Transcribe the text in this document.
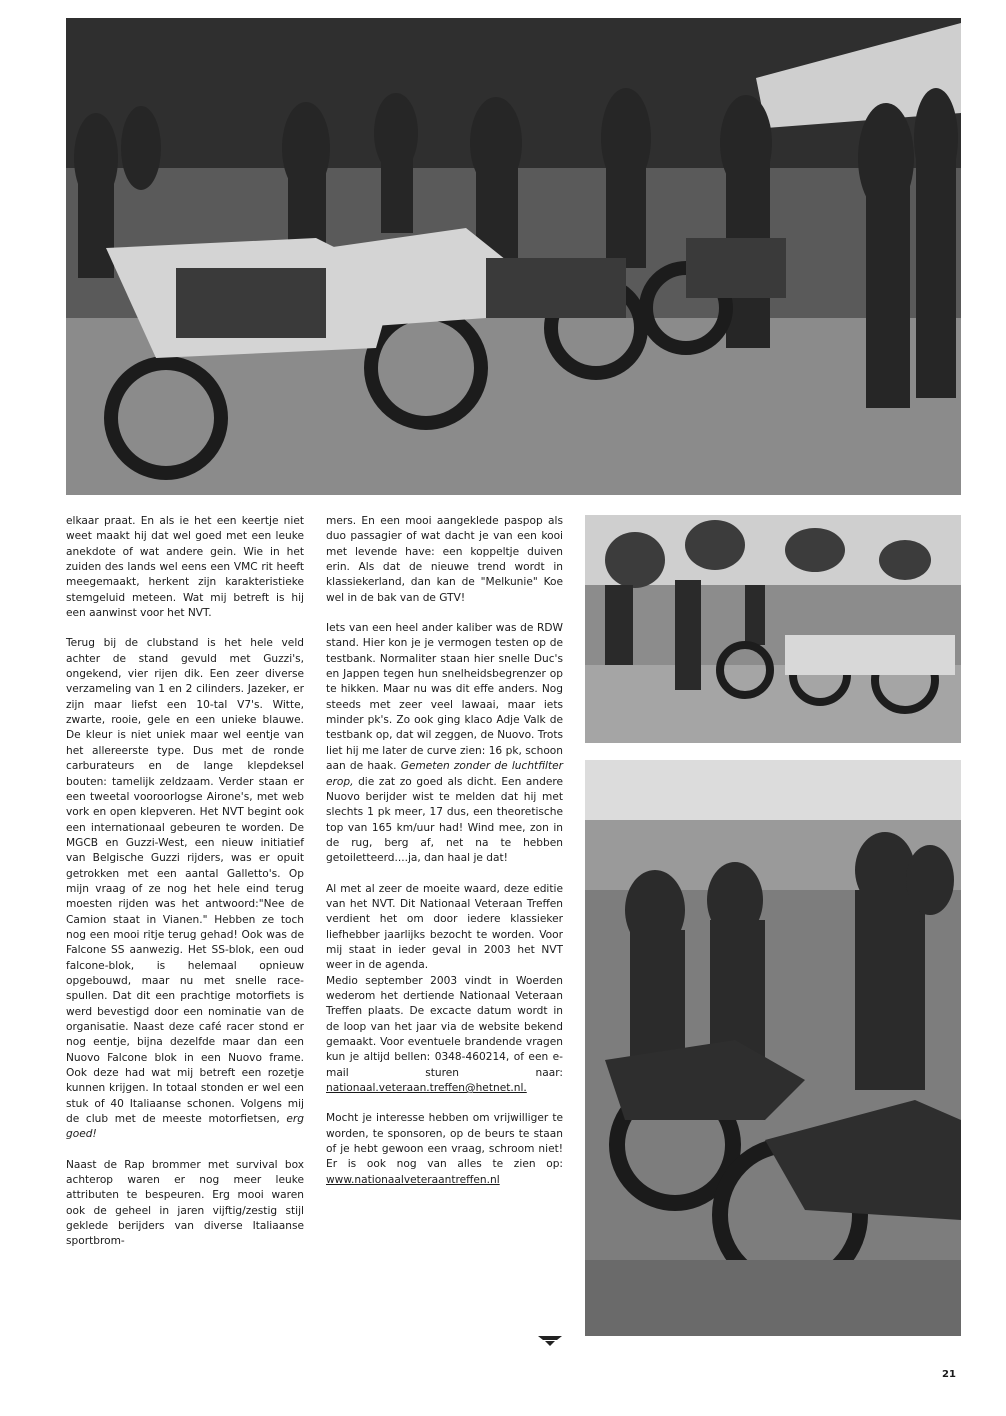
elkaar praat. En als ie het een keertje niet weet maakt hij dat wel goed met een leuke anekdote of wat andere gein. Wie in het zuiden des lands wel eens een VMC rit heeft meegemaakt, herkent zijn karakteristieke stemgeluid meteen. Wat mij betreft is hij een aanwinst voor het NVT.

Terug bij de clubstand is het hele veld achter de stand gevuld met Guzzi's, ongekend, vier rijen dik. Een zeer diverse verzameling van 1 en 2 cilinders. Jazeker, er zijn maar liefst een 10-tal V7's. Witte, zwarte, rooie, gele en een unieke blauwe. De kleur is niet uniek maar wel eentje van het allereerste type. Dus met de ronde carburateurs en de lange klepdeksel bouten: tamelijk zeldzaam. Verder staan er een tweetal vooroorlogse Airone's, met web vork en open klepveren. Het NVT begint ook een internationaal gebeuren te worden. De MGCB en Guzzi-West, een nieuw initiatief van Belgische Guzzi rijders, was er opuit getrokken met een aantal Galletto's. Op mijn vraag of ze nog het hele eind terug moesten rijden was het antwoord:"Nee de Camion staat in Vianen." Hebben ze toch nog een mooi ritje terug gehad! Ook was de Falcone SS aanwezig. Het SS-blok, een oud falcone-blok, is helemaal opnieuw opgebouwd, maar nu met snelle race-spullen. Dat dit een prachtige motorfiets is werd bevestigd door een nominatie van de organisatie. Naast deze café racer stond er nog eentje, bijna dezelfde maar dan een Nuovo Falcone blok in een Nuovo frame. Ook deze had wat mij betreft een rozetje kunnen krijgen. In totaal stonden er wel een stuk of 40 Italiaanse schonen. Volgens mij de club met de meeste motorfietsen, erg goed!

Naast de Rap brommer met survival box achterop waren er nog meer leuke attributen te bespeuren. Erg mooi waren ook de geheel in jaren vijftig/zestig stijl geklede berijders van diverse Italiaanse sportbrom-

mers. En een mooi aangeklede paspop als duo passagier of wat dacht je van een kooi met levende have: een koppeltje duiven erin. Als dat de nieuwe trend wordt in klassiekerland, dan kan de "Melkunie" Koe wel in de bak van de GTV!

Iets van een heel ander kaliber was de RDW stand. Hier kon je je vermogen testen op de testbank. Normaliter staan hier snelle Duc's en Jappen tegen hun snelheidsbegrenzer op te hikken. Maar nu was dit effe anders. Nog steeds met zeer veel lawaai, maar iets minder pk's. Zo ook ging klaco Adje Valk de testbank op, dat wil zeggen, de Nuovo. Trots liet hij me later de curve zien: 16 pk, schoon aan de haak. Gemeten zonder de luchtfilter erop, die zat zo goed als dicht. Een andere Nuovo berijder wist te melden dat hij met slechts 1 pk meer, 17 dus, een theoretische top van 165 km/uur had! Wind mee, zon in de rug, berg af, net na te hebben getoiletteerd....ja, dan haal je dat!

Al met al zeer de moeite waard, deze editie van het NVT. Dit Nationaal Veteraan Treffen verdient het om door iedere klassieker liefhebber jaarlijks bezocht te worden. Voor mij staat in ieder geval in 2003 het NVT weer in de agenda.

Medio september 2003 vindt in Woerden wederom het dertiende Nationaal Veteraan Treffen plaats. De excacte datum wordt in de loop van het jaar via de website bekend gemaakt. Voor eventuele brandende vragen kun je altijd bellen: 0348-460214, of een e-mail sturen naar: nationaal.veteraan.treffen@hetnet.nl.

Mocht je interesse hebben om vrijwilliger te worden, te sponsoren, op de beurs te staan of je hebt gewoon een vraag, schroom niet! Er is ook nog van alles te zien op: www.nationaalveteraantreffen.nl

21
